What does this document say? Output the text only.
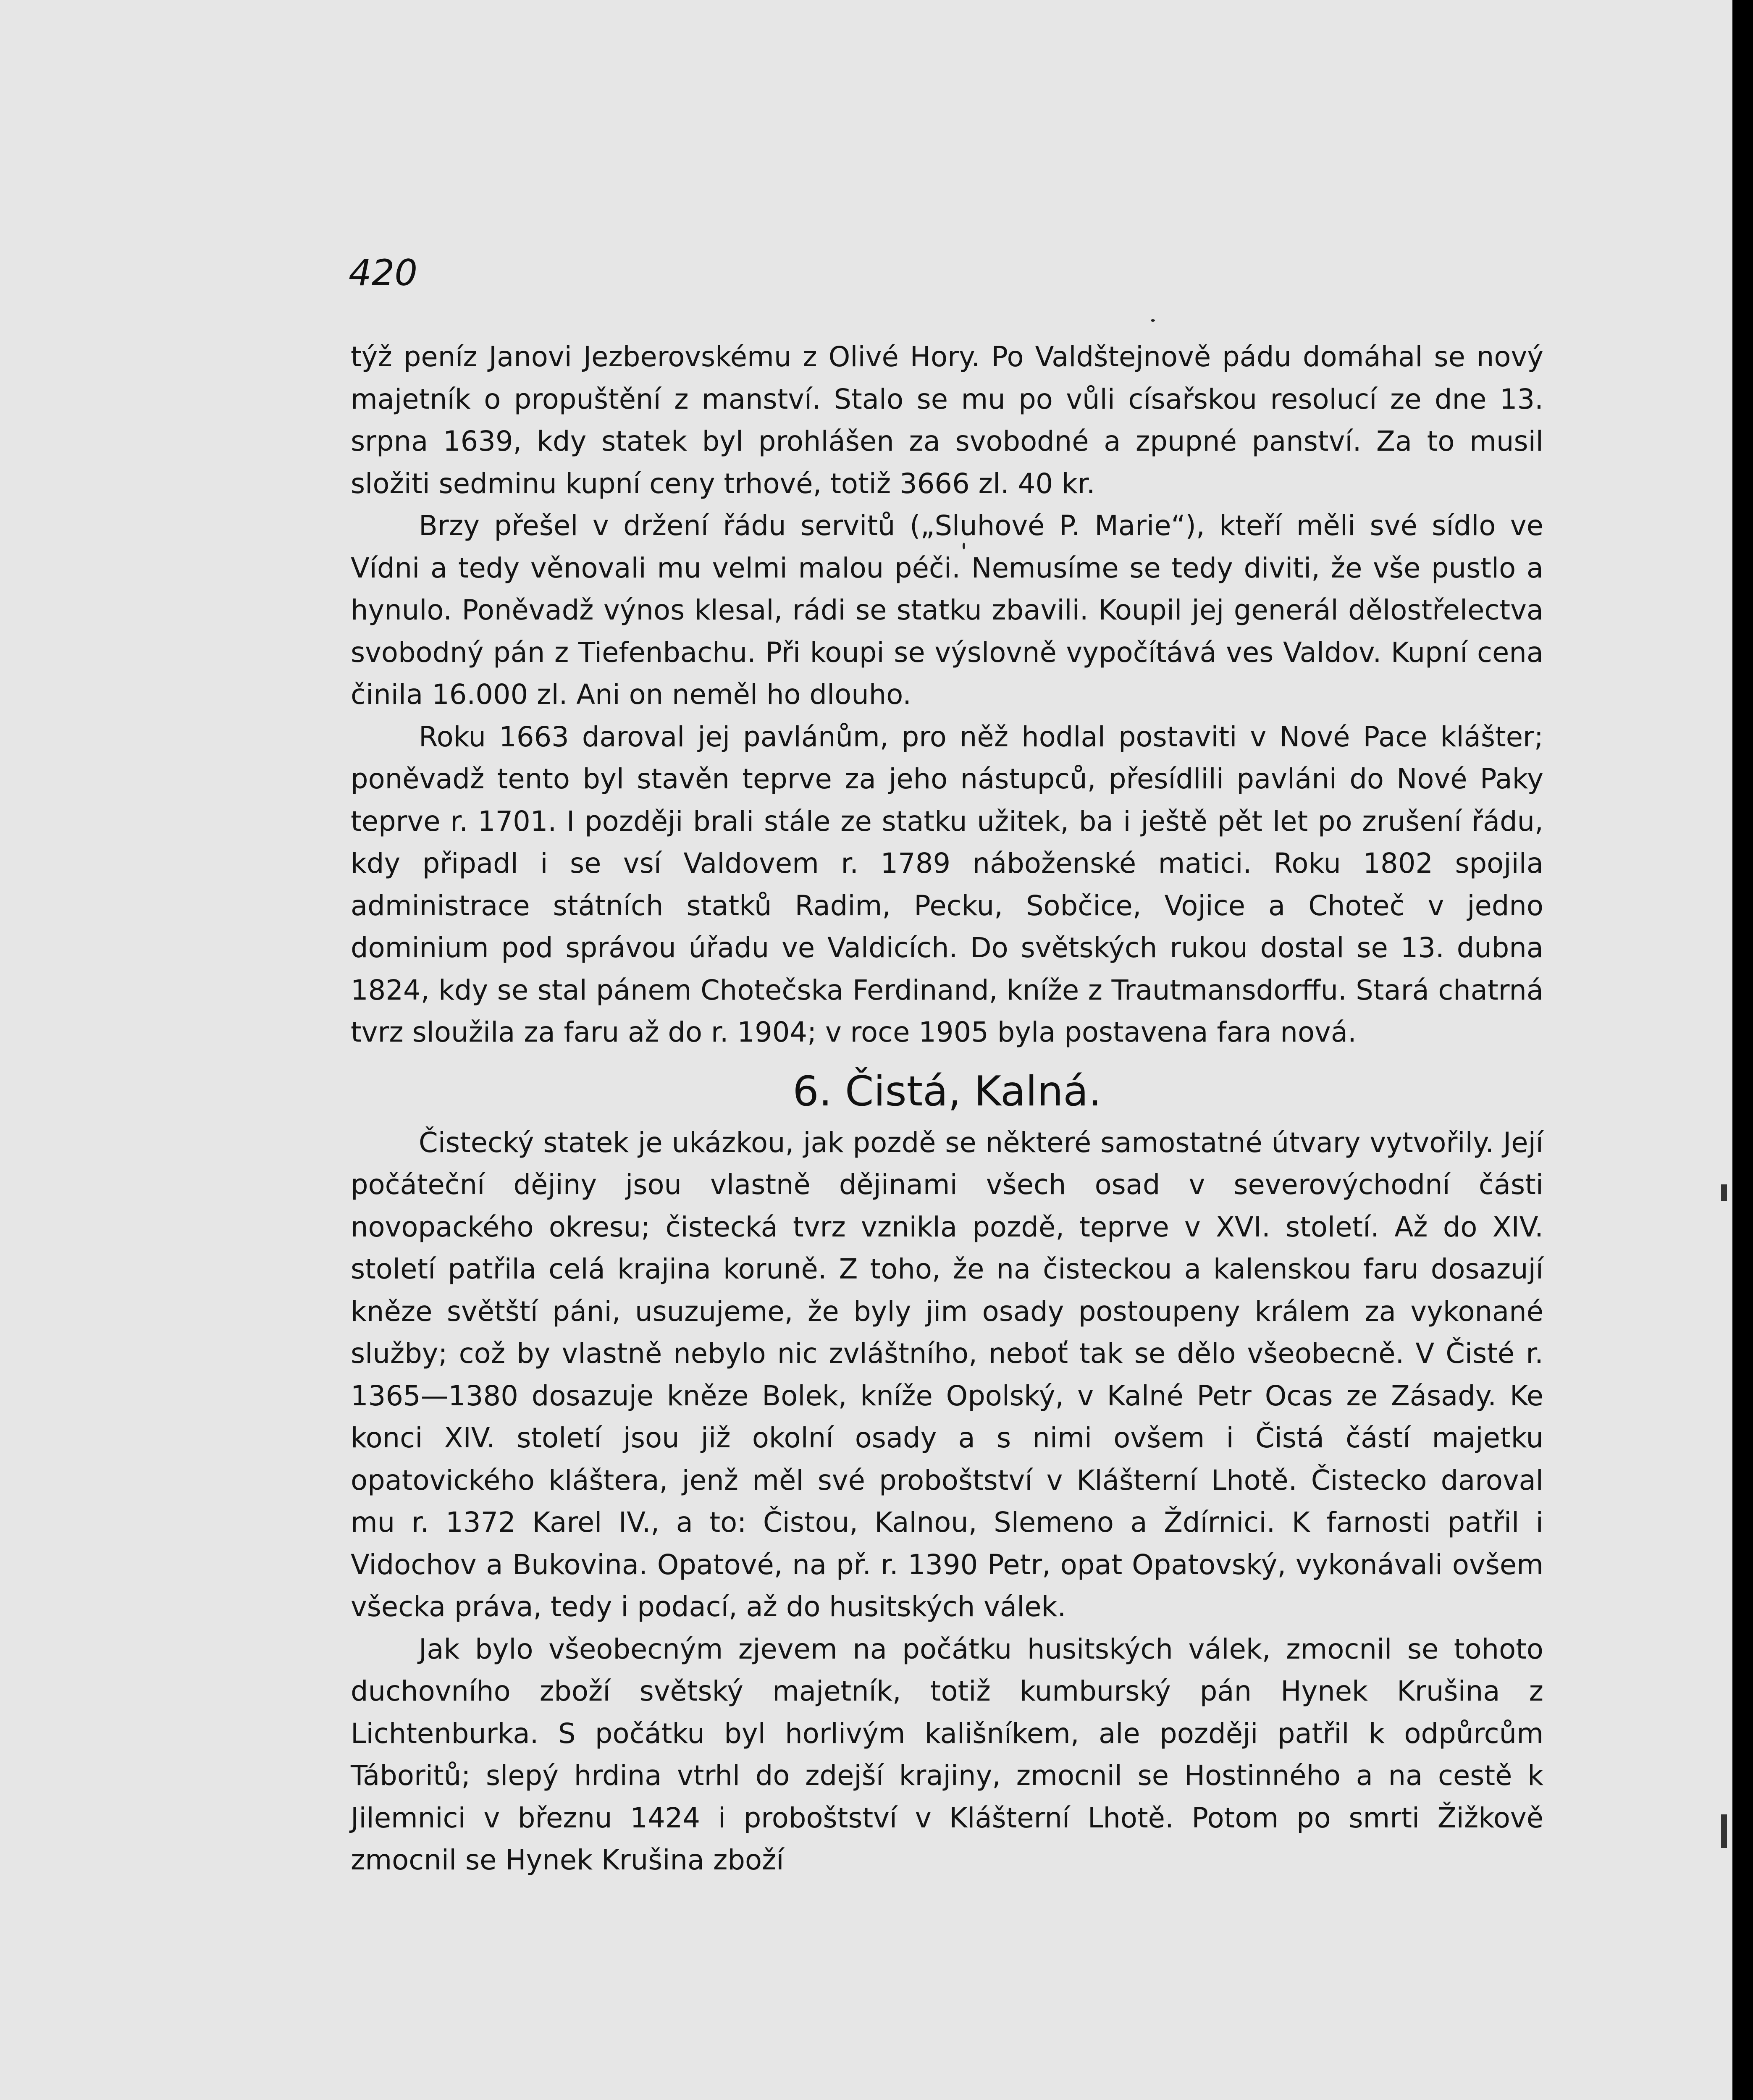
420

týž peníz Janovi Jezberovskému z Olivé Hory. Po Valdštejnově pádu domáhal se nový majetník o propuštění z manství. Stalo se mu po vůli císařskou resolucí ze dne 13. srpna 1639, kdy statek byl prohlášen za svobodné a zpupné panství. Za to musil složiti sedminu kupní ceny trhové, totiž 3666 zl. 40 kr.

Brzy přešel v držení řádu servitů („Sluhové P. Marie“), kteří měli své sídlo ve Vídni a tedy věnovali mu velmi malou péči. Nemusíme se tedy diviti, že vše pustlo a hynulo. Poněvadž výnos klesal, rádi se statku zbavili. Koupil jej generál dělostřelectva svobodný pán z Tiefenbachu. Při koupi se výslovně vypočítává ves Valdov. Kupní cena činila 16.000 zl. Ani on neměl ho dlouho.

Roku 1663 daroval jej pavlánům, pro něž hodlal postaviti v Nové Pace klášter; poněvadž tento byl stavěn teprve za jeho nástupců, přesídlili pavláni do Nové Paky teprve r. 1701. I později brali stále ze statku užitek, ba i ještě pět let po zrušení řádu, kdy připadl i se vsí Valdovem r. 1789 náboženské matici. Roku 1802 spojila administrace státních statků Radim, Pecku, Sobčice, Vojice a Choteč v jedno dominium pod správou úřadu ve Valdicích. Do světských rukou dostal se 13. dubna 1824, kdy se stal pánem Chotečska Ferdinand, kníže z Trautmansdorffu. Stará chatrná tvrz sloužila za faru až do r. 1904; v roce 1905 byla postavena fara nová.

6. Čistá, Kalná.

Čistecký statek je ukázkou, jak pozdě se některé samostatné útvary vytvořily. Její počáteční dějiny jsou vlastně dějinami všech osad v severovýchodní části novopackého okresu; čistecká tvrz vznikla pozdě, teprve v XVI. století. Až do XIV. století patřila celá krajina koruně. Z toho, že na čisteckou a kalenskou faru dosazují kněze světští páni, usuzujeme, že byly jim osady postoupeny králem za vykonané služby; což by vlastně nebylo nic zvláštního, neboť tak se dělo všeobecně. V Čisté r. 1365—1380 dosazuje kněze Bolek, kníže Opolský, v Kalné Petr Ocas ze Zásady. Ke konci XIV. století jsou již okolní osady a s nimi ovšem i Čistá částí majetku opatovického kláštera, jenž měl své proboštství v Klášterní Lhotě. Čistecko daroval mu r. 1372 Karel IV., a to: Čistou, Kalnou, Slemeno a Ždírnici. K farnosti patřil i Vidochov a Bukovina. Opatové, na př. r. 1390 Petr, opat Opatovský, vykonávali ovšem všecka práva, tedy i podací, až do husitských válek.

Jak bylo všeobecným zjevem na počátku husitských válek, zmocnil se tohoto duchovního zboží světský majetník, totiž kumburský pán Hynek Krušina z Lichtenburka. S počátku byl horlivým kališníkem, ale později patřil k odpůrcům Táboritů; slepý hrdina vtrhl do zdejší krajiny, zmocnil se Hostinného a na cestě k Jilemnici v březnu 1424 i proboštství v Klášterní Lhotě. Potom po smrti Žižkově zmocnil se Hynek Krušina zboží
